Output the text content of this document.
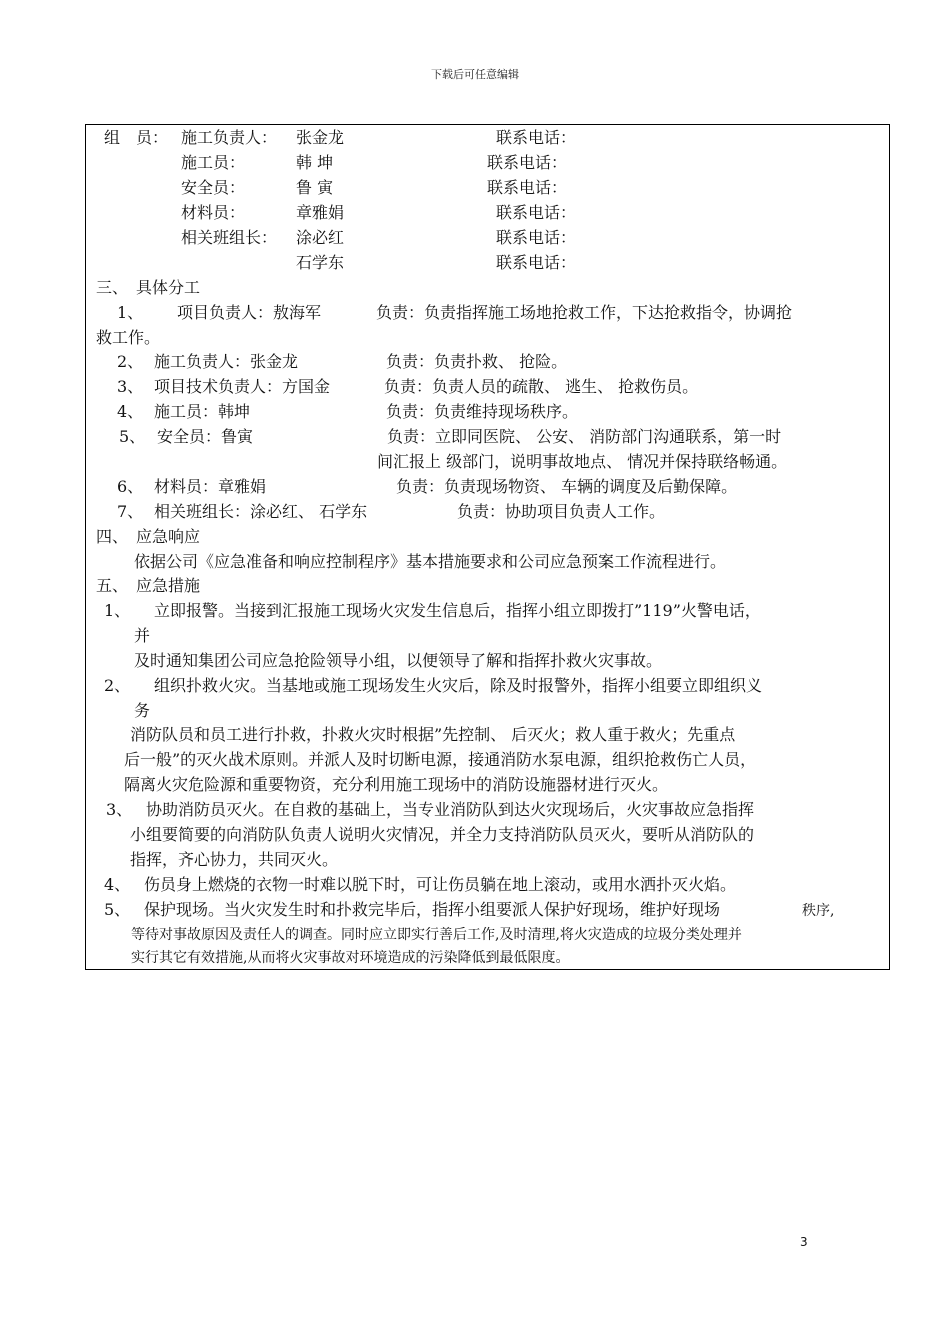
下载后可任意编辑
组　员： 施工负责人： 张金龙	联系电话：
施工员：	韩 坤	联系电话：
安全员：	鲁 寅	联系电话：
材料员：	章雅娟	联系电话：
相关班组长： 涂必红	联系电话：
石学东	联系电话：
三、　具体分工
1、 项目负责人：敖海军	负责：负责指挥施工场地抢救工作，下达抢救指令，协调抢
救工作。
2、 施工负责人：张金龙	负责：负责扑救、 抢险。
3、 项目技术负责人：方国金	负责：负责人员的疏散、 逃生、 抢救伤员。
4、 施工员：韩坤	负责：负责维持现场秩序。
5、 安全员：鲁寅	负责：立即同医院、 公安、 消防部门沟通联系，第一时
间汇报上 级部门，说明事故地点、 情况并保持联络畅通。
6、 材料员：章雅娟	负责：负责现场物资、 车辆的调度及后勤保障。
7、 相关班组长：涂必红、 石学东	负责：协助项目负责人工作。
四、　应急响应
依据公司《应急准备和响应控制程序》基本措施要求和公司应急预案工作流程进行。
五、　应急措施
1、 立即报警。当接到汇报施工现场火灾发生信息后，指挥小组立即拨打”119”火警电话，
并
及时通知集团公司应急抢险领导小组，以便领导了解和指挥扑救火灾事故。
2、 组织扑救火灾。当基地或施工现场发生火灾后，除及时报警外，指挥小组要立即组织义
务
消防队员和员工进行扑救，扑救火灾时根据”先控制、 后灭火；救人重于救火；先重点
后一般”的灭火战术原则。并派人及时切断电源，接通消防水泵电源，组织抢救伤亡人员，
隔离火灾危险源和重要物资，充分利用施工现场中的消防设施器材进行灭火。
3、 协助消防员灭火。在自救的基础上，当专业消防队到达火灾现场后，火灾事故应急指挥
小组要简要的向消防队负责人说明火灾情况，并全力支持消防队员灭火，要听从消防队的
指挥，齐心协力，共同灭火。
4、 伤员身上燃烧的衣物一时难以脱下时，可让伤员躺在地上滚动，或用水洒扑灭火焰。
5、 保护现场。当火灾发生时和扑救完毕后，指挥小组要派人保护好现场，维护好现场	秩序,
等待对事故原因及责任人的调查。同时应立即实行善后工作,及时清理,将火灾造成的垃圾分类处理并
实行其它有效措施,从而将火灾事故对环境造成的污染降低到最低限度。
3
